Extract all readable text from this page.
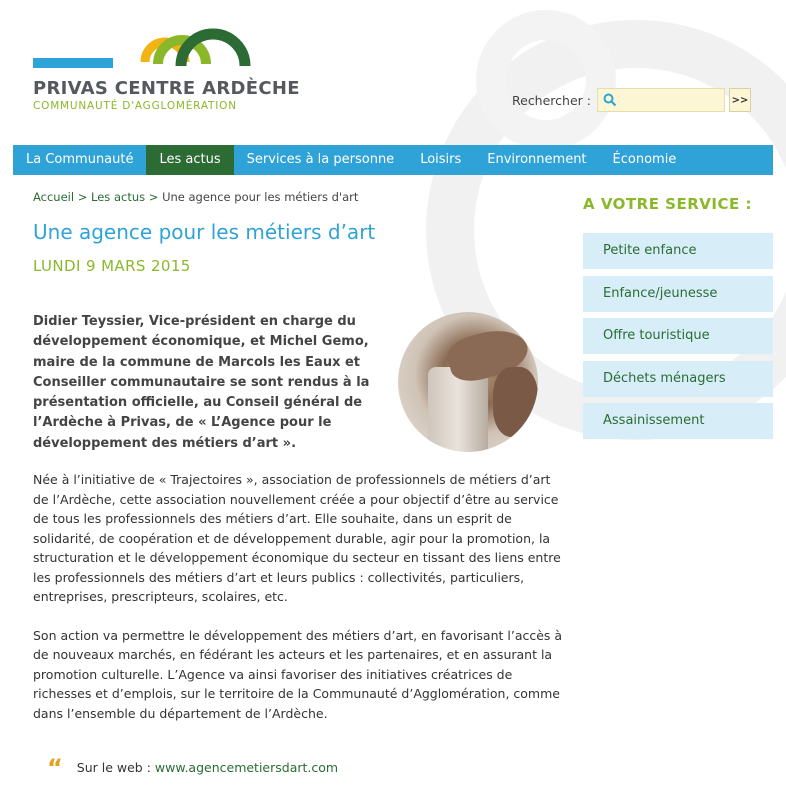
PRIVAS CENTRE ARDÈCHE
COMMUNAUTÉ D'AGGLOMÉRATION	Rechercher :	>>
La Communauté	Les actus	Services à la personne	Loisirs	Environnement	Économie
Accueil > Les actus > Une agence pour les métiers d'art
Une agence pour les métiers d’art
LUNDI 9 MARS 2015
Didier Teyssier, Vice-président en charge du développement économique, et Michel Gemo, maire de la commune de Marcols les Eaux et Conseiller communautaire se sont rendus à la présentation officielle, au Conseil général de l’Ardèche à Privas, de « L’Agence pour le développement des métiers d’art ».

Née à l’initiative de « Trajectoires », association de professionnels de métiers d’art de l’Ardèche, cette association nouvellement créée a pour objectif d’être au service de tous les professionnels des métiers d’art. Elle souhaite, dans un esprit de solidarité, de coopération et de développement durable, agir pour la promotion, la structuration et le développement économique du secteur en tissant des liens entre les professionnels des métiers d’art et leurs publics : collectivités, particuliers, entreprises, prescripteurs, scolaires, etc.

Son action va permettre le développement des métiers d’art, en favorisant l’accès à de nouveaux marchés, en fédérant les acteurs et les partenaires, et en assurant la promotion culturelle. L’Agence va ainsi favoriser des initiatives créatrices de richesses et d’emplois, sur le territoire de la Communauté d’Agglomération, comme dans l’ensemble du département de l’Ardèche.

“ Sur le web : www.agencemetiersdart.com
A VOTRE SERVICE :
Petite enfance
Enfance/jeunesse
Offre touristique
Déchets ménagers
Assainissement
